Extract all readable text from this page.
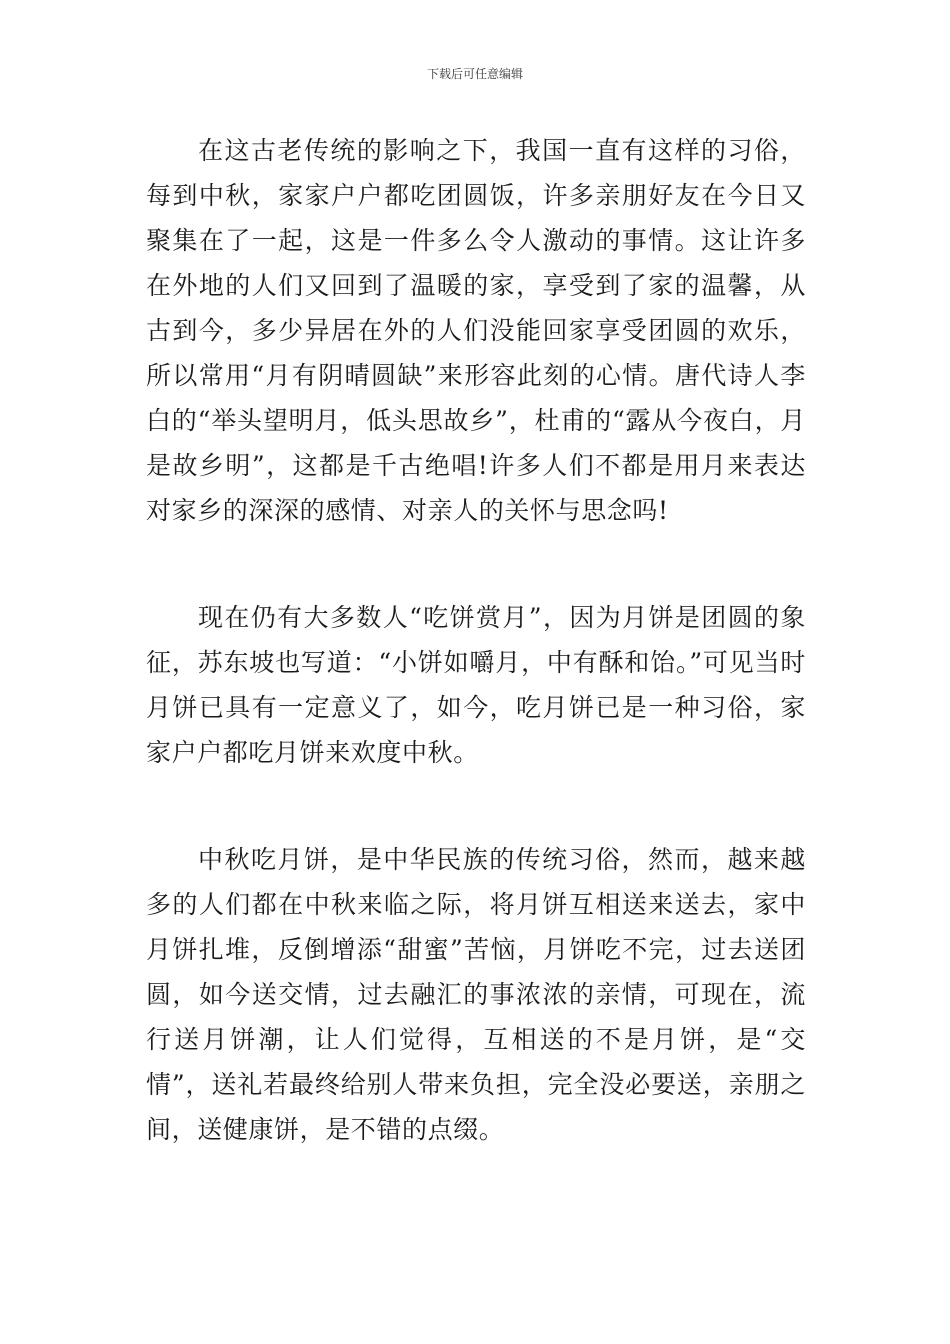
下载后可任意编辑

在这古老传统的影响之下，我国一直有这样的习俗，每到中秋，家家户户都吃团圆饭，许多亲朋好友在今日又聚集在了一起，这是一件多么令人激动的事情。这让许多在外地的人们又回到了温暖的家，享受到了家的温馨，从古到今，多少异居在外的人们没能回家享受团圆的欢乐，所以常用“月有阴晴圆缺”来形容此刻的心情。唐代诗人李白的“举头望明月，低头思故乡”，杜甫的“露从今夜白，月是故乡明”，这都是千古绝唱!许多人们不都是用月来表达对家乡的深深的感情、对亲人的关怀与思念吗!

现在仍有大多数人“吃饼赏月”，因为月饼是团圆的象征，苏东坡也写道：“小饼如嚼月，中有酥和饴。”可见当时月饼已具有一定意义了，如今，吃月饼已是一种习俗，家家户户都吃月饼来欢度中秋。

中秋吃月饼，是中华民族的传统习俗，然而，越来越多的人们都在中秋来临之际，将月饼互相送来送去，家中月饼扎堆，反倒增添“甜蜜”苦恼，月饼吃不完，过去送团圆，如今送交情，过去融汇的事浓浓的亲情，可现在，流行送月饼潮，让人们觉得，互相送的不是月饼，是“交情”，送礼若最终给别人带来负担，完全没必要送，亲朋之间，送健康饼，是不错的点缀。
